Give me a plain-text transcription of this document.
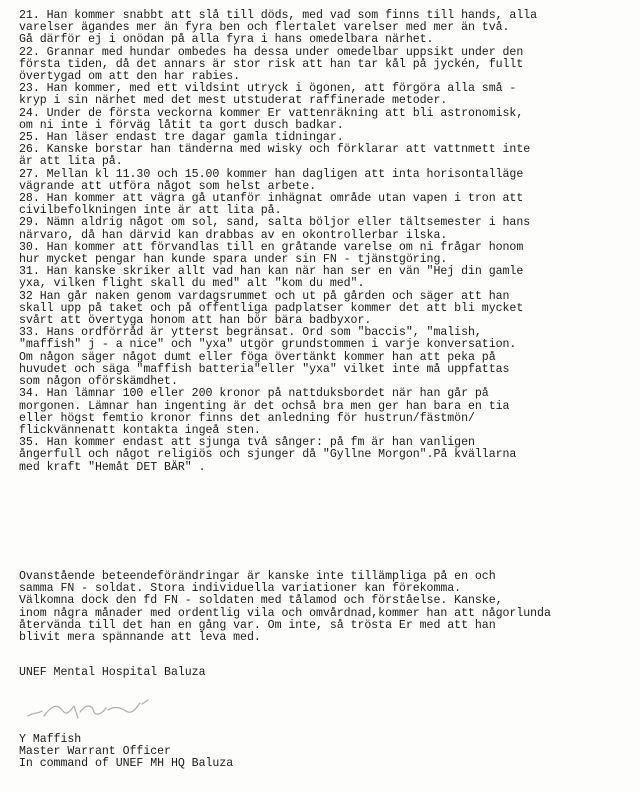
21. Han kommer snabbt att slå till döds, med vad som finns till hands, alla
varelser ägandes mer än fyra ben och flertalet varelser med mer än två.
Gå därför ej i onödan på alla fyra i hans omedelbara närhet.
22. Grannar med hundar ombedes ha dessa under omedelbar uppsikt under den
första tiden, då det annars är stor risk att han tar kål på jyckén, fullt
övertygad om att den har rabies.
23. Han kommer, med ett vildsint utryck i ögonen, att förgöra alla små -
kryp i sin närhet med det mest utstuderat raffinerade metoder.
24. Under de första veckorna kommer Er vattenräkning att bli astronomisk,
om ni inte i förväg låtit ta gort dusch badkar.
25. Han läser endast tre dagar gamla tidningar.
26. Kanske borstar han tänderna med wisky och förklarar att vattnmett inte
är att lita på.
27. Mellan kl 11.30 och 15.00 kommer han dagligen att inta horisontalläge
vägrande att utföra något som helst arbete.
28. Han kommer att vägra gå utanför inhägnat område utan vapen i tron att
civilbefolkningen inte är att lita på.
29. Nämn aldrig något om sol, sand, salta böljor eller tältsemester i hans
närvaro, då han därvid kan drabbas av en okontrollerbar ilska.
30. Han kommer att förvandlas till en gråtande varelse om ni frågar honom
hur mycket pengar han kunde spara under sin FN - tjänstgöring.
31. Han kanske skriker allt vad han kan när han ser en vän "Hej din gamle
yxa, vilken flight skall du med" alt "kom du med".
32 Han går naken genom vardagsrummet och ut på gården och säger att han
skall upp på taket och på offentliga padplatser kommer det att bli mycket
svårt att övertyga honom att han bör bära badbyxor.
33. Hans ordförråd är ytterst begränsat. Ord som "baccis", "malish,
"maffish" j - a nice" och "yxa" utgör grundstommen i varje konversation.
Om någon säger något dumt eller föga övertänkt kommer han att peka på
huvudet och säga "maffish batteria"eller "yxa" vilket inte må uppfattas
som någon oförskämdhet.
34. Han lämnar 100 eller 200 kronor på nattduksbordet när han går på
morgonen. Lämnar han ingenting är det ochså bra men ger han bara en tia
eller högst femtio kronor finns det anledning för hustrun/fästmön/
flickvännenatt kontakta ingeå sten.
35. Han kommer endast att sjunga två sånger: på fm är han vanligen
ångerfull och något religiös och sjunger då "Gyllne Morgon".På kvällarna
med kraft "Hemåt DET BÄR" .

Ovanstående beteendeförändringar är kanske inte tillämpliga på en och
samma FN - soldat. Stora individuella variationer kan förekomma.
Välkomna dock den fd FN - soldaten med tålamod och förståelse. Kanske,
inom några månader med ordentlig vila och omvårdnad,kommer han att någorlunda
återvända till det han en gång var. Om inte, så trösta Er med att han
blivit mera spännande att leva med.

UNEF Mental Hospital Baluza

Y Maffish
Master Warrant Officer
In command of UNEF MH HQ Baluza
